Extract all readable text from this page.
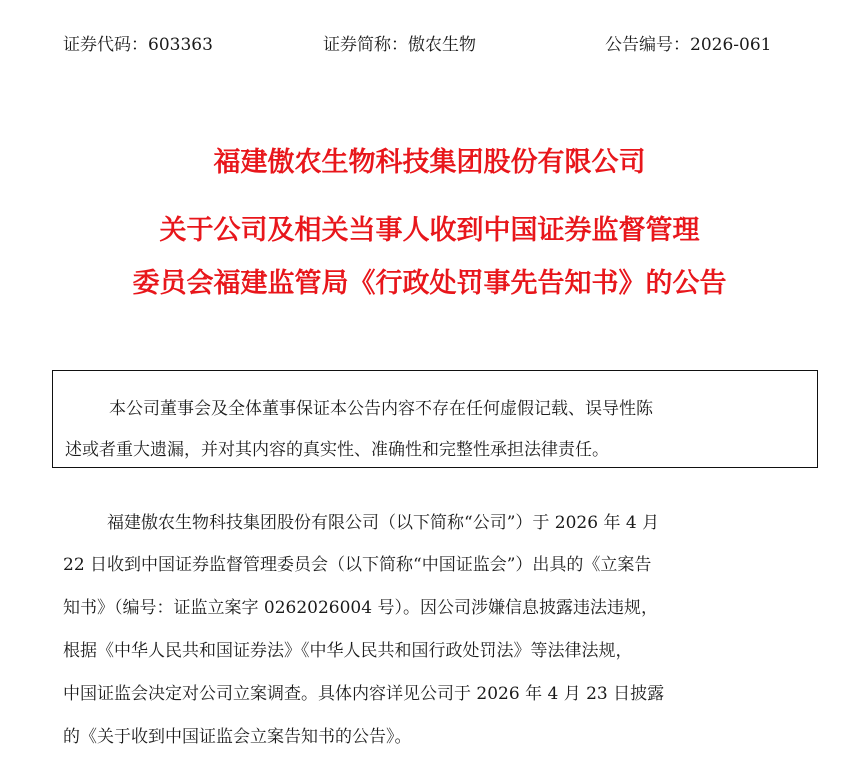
证券代码：603363	证券简称：傲农生物	公告编号：2026-061
福建傲农生物科技集团股份有限公司
关于公司及相关当事人收到中国证券监督管理
委员会福建监管局《行政处罚事先告知书》的公告
本公司董事会及全体董事保证本公告内容不存在任何虚假记载、误导性陈
述或者重大遗漏，并对其内容的真实性、准确性和完整性承担法律责任。
福建傲农生物科技集团股份有限公司（以下简称“公司”）于 2026 年 4 月
22 日收到中国证券监督管理委员会（以下简称“中国证监会”）出具的《立案告
知书》（编号：证监立案字 0262026004 号）。因公司涉嫌信息披露违法违规，
根据《中华人民共和国证券法》《中华人民共和国行政处罚法》等法律法规，
中国证监会决定对公司立案调查。具体内容详见公司于 2026 年 4 月 23 日披露
的《关于收到中国证监会立案告知书的公告》。
